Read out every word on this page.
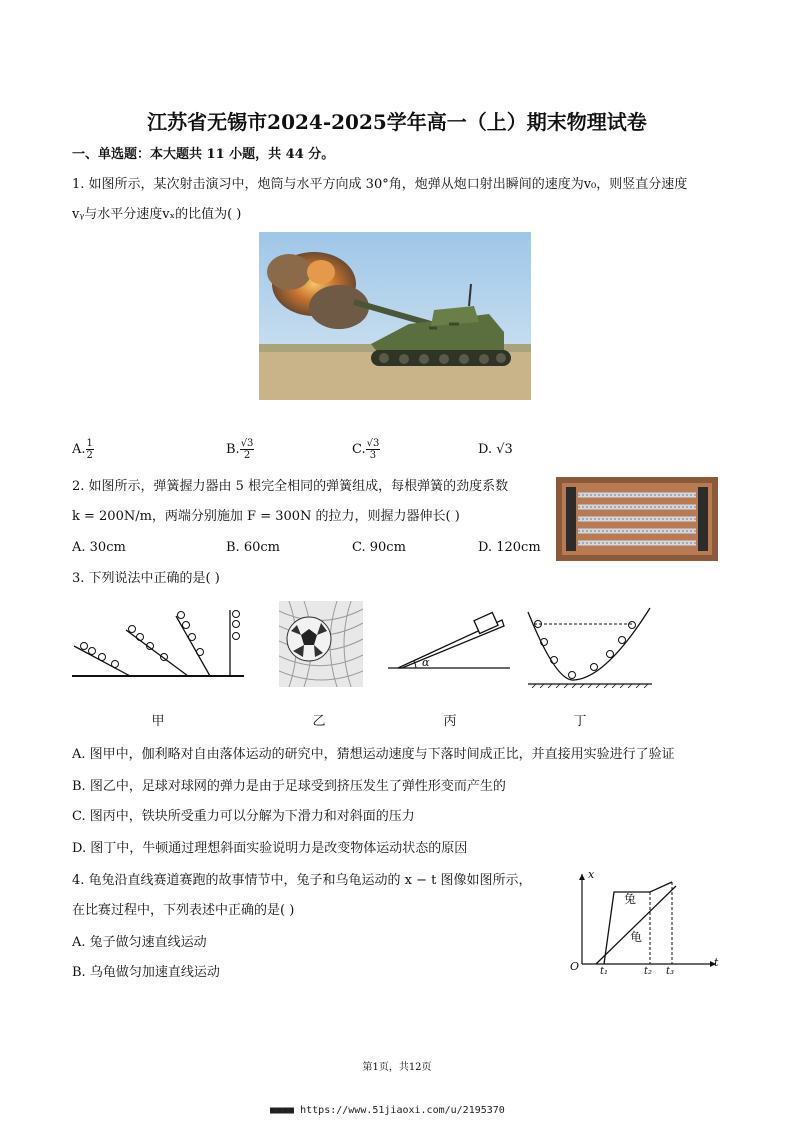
江苏省无锡市2024-2025学年高一（上）期末物理试卷
一、单选题：本大题共 11 小题，共 44 分。
1. 如图所示，某次射击演习中，炮筒与水平方向成 30°角，炮弹从炮口射出瞬间的速度为v₀，则竖直分速度
vᵧ与水平分速度vₓ的比值为( )
A. $\frac{1}{2}$	B. $\frac{√3}{2}$	C. $\frac{√3}{3}$	D. √3
2. 如图所示，弹簧握力器由 5 根完全相同的弹簧组成，每根弹簧的劲度系数
k = 200N/m，两端分别施加 F = 300N 的拉力，则握力器伸长( )
A. 30cm	B. 60cm	C. 90cm	D. 120cm
3. 下列说法中正确的是( )
甲	乙
α
丙	丁
A. 图甲中，伽利略对自由落体运动的研究中，猜想运动速度与下落时间成正比，并直接用实验进行了验证
B. 图乙中，足球对球网的弹力是由于足球受到挤压发生了弹性形变而产生的
C. 图丙中，铁块所受重力可以分解为下滑力和对斜面的压力
D. 图丁中，牛顿通过理想斜面实验说明力是改变物体运动状态的原因
4. 龟兔沿直线赛道赛跑的故事情节中，兔子和乌龟运动的 x − t 图像如图所示，
在比赛过程中，下列表述中正确的是( )
A. 兔子做匀速直线运动
B. 乌龟做匀加速直线运动
x
t
O
兔
龟
t₁	t₂ t₃
第1页，共12页
■■■■ https://www.51jiaoxi.com/u/2195370
